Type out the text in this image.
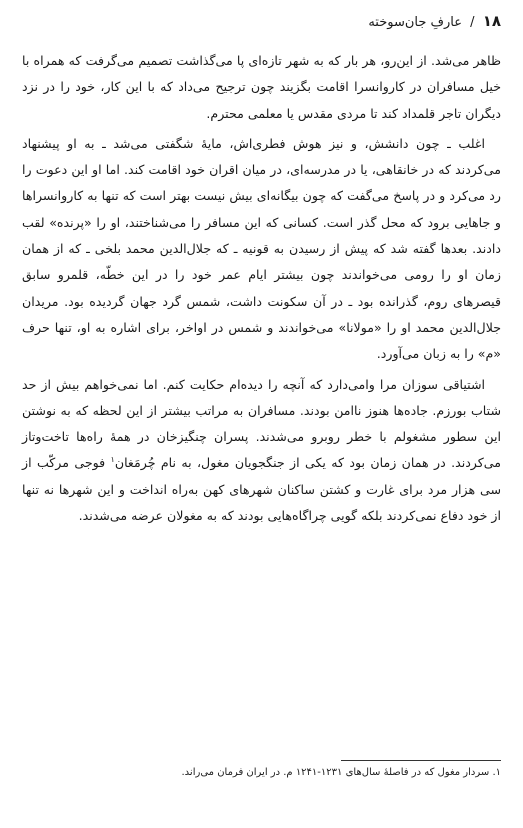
۱۸ / عارفِ جان‌سوخته

ظاهر می‌شد. از این‌رو، هر بار که به شهر تازه‌ای پا می‌گذاشت تصمیم می‌گرفت که همراه با خیل مسافران در کاروانسرا اقامت بگزیند چون ترجیح می‌داد که با این کار، خود را در نزد دیگران تاجر قلمداد کند تا مردی مقدس یا معلمی محترم.

اغلب ـ چون دانشش، و نیز هوش فطری‌اش، مایهٔ شگفتی می‌شد ـ به او پیشنهاد می‌کردند که در خانقاهی، یا در مدرسه‌ای، در میان اقران خود اقامت کند. اما او این دعوت را رد می‌کرد و در پاسخ می‌گفت که چون بیگانه‌ای بیش نیست بهتر است که تنها به کاروانسراها و جاهایی برود که محل گذر است. کسانی که این مسافر را می‌شناختند، او را «پرنده» لقب دادند. بعدها گفته شد که پیش از رسیدن به قونیه ـ که جلال‌الدین محمد بلخی ـ که از همان زمان او را رومی می‌خواندند چون بیشتر ایام عمر خود را در این خطّه، قلمرو سابق قیصرهای روم، گذرانده بود ـ در آن سکونت داشت، شمس گرد جهان گردیده بود. مریدان جلال‌الدین محمد او را «مولانا» می‌خواندند و شمس در اواخر، برای اشاره به او، تنها حرف «م» را به زبان می‌آورد.

اشتیاقی سوزان مرا وامی‌دارد که آنچه را دیده‌ام حکایت کنم. اما نمی‌خواهم بیش از حد شتاب بورزم. جاده‌ها هنوز ناامن بودند. مسافران به مراتب بیشتر از این لحظه که به نوشتن این سطور مشغولم با خطر روبرو می‌شدند. پسران چنگیزخان در همهٔ راه‌ها تاخت‌وتاز می‌کردند. در همان زمان بود که یکی از جنگجویان مغول، به نام چُرمَغان$^۱$ فوجی مرکّب از سی هزار مرد برای غارت و کشتن ساکنان شهرهای کهن به‌راه انداخت و این شهرها نه تنها از خود دفاع نمی‌کردند بلکه گویی چراگاه‌هایی بودند که به مغولان عرضه می‌شدند.

۱. سردار مغول که در فاصلهٔ سال‌های ۱۲۳۱-۱۲۴۱ م. در ایران فرمان می‌راند.
